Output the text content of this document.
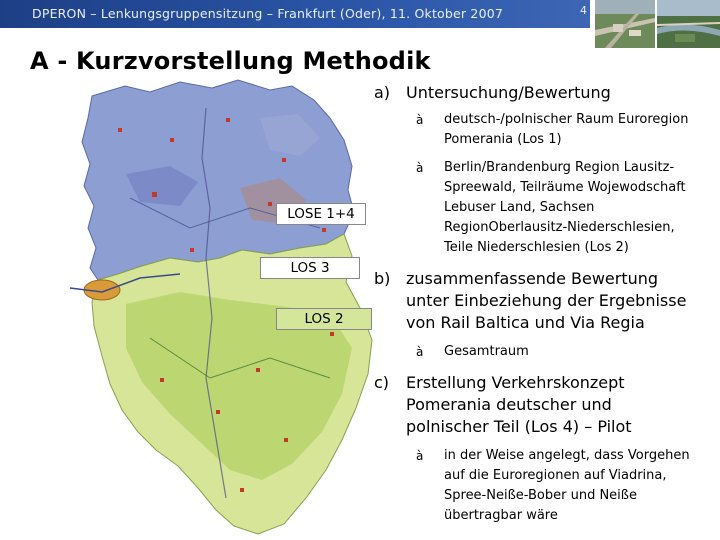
DPERON – Lenkungsgruppensitzung – Frankfurt (Oder), 11. Oktober 2007	4
A - Kurzvorstellung Methodik
LOSE 1+4
LOS 3
LOS 2
a) Untersuchung/Bewertung
à deutsch-/polnischer Raum Euroregion
Pomerania (Los 1)
à Berlin/Brandenburg Region Lausitz-
Spreewald, Teilräume Wojewodschaft
Lebuser Land, Sachsen
RegionOberlausitz-Niederschlesien,
Teile Niederschlesien (Los 2)
b) zusammenfassende Bewertung
unter Einbeziehung der Ergebnisse
von Rail Baltica und Via Regia
à Gesamtraum
c) Erstellung Verkehrskonzept
Pomerania deutscher und
polnischer Teil (Los 4) – Pilot
à in der Weise angelegt, dass Vorgehen
auf die Euroregionen auf Viadrina,
Spree-Neiße-Bober und Neiße
übertragbar wäre
